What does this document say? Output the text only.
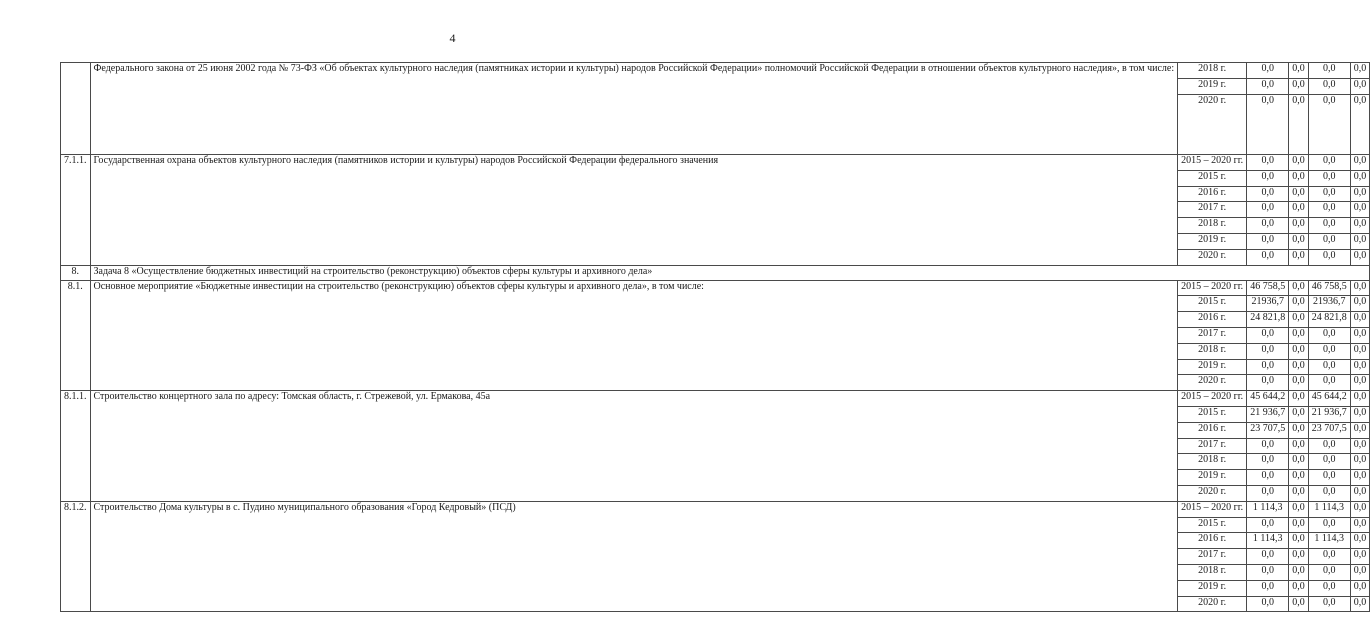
4
	Федерального закона от 25 июня 2002 года № 73-ФЗ «Об объектах культурного наследия (памятниках истории и культуры) народов Российской Федерации» полномочий Российской Федерации в отношении объектов культурного наследия», в том числе:	2018 г.	0,0	0,0	0,0	0,0
		2019 г.	0,0	0,0	0,0	0,0
		2020 г.	0,0	0,0	0,0	0,0
7.1.1.	Государственная охрана объектов культурного наследия (памятников истории и культуры) народов Российской Федерации федерального значения	2015 – 2020 гг.	0,0	0,0	0,0	0,0
		2015 г.	0,0	0,0	0,0	0,0
		2016 г.	0,0	0,0	0,0	0,0
		2017 г.	0,0	0,0	0,0	0,0
		2018 г.	0,0	0,0	0,0	0,0
		2019 г.	0,0	0,0	0,0	0,0
		2020 г.	0,0	0,0	0,0	0,0
8.	Задача 8 «Осуществление бюджетных инвестиций на строительство (реконструкцию) объектов сферы культуры и архивного дела»					
8.1.	Основное мероприятие «Бюджетные инвестиции на строительство (реконструкцию) объектов сферы культуры и архивного дела», в том числе:	2015 – 2020 гг.	46 758,5	0,0	46 758,5	0,0
		2015 г.	21936,7	0,0	21936,7	0,0
		2016 г.	24 821,8	0,0	24 821,8	0,0
		2017 г.	0,0	0,0	0,0	0,0
		2018 г.	0,0	0,0	0,0	0,0
		2019 г.	0,0	0,0	0,0	0,0
		2020 г.	0,0	0,0	0,0	0,0
8.1.1.	Строительство концертного зала по адресу: Томская область, г. Стрежевой, ул. Ермакова, 45а	2015 – 2020 гг.	45 644,2	0,0	45 644,2	0,0
		2015 г.	21 936,7	0,0	21 936,7	0,0
		2016 г.	23 707,5	0,0	23 707,5	0,0
		2017 г.	0,0	0,0	0,0	0,0
		2018 г.	0,0	0,0	0,0	0,0
		2019 г.	0,0	0,0	0,0	0,0
		2020 г.	0,0	0,0	0,0	0,0
8.1.2.	Строительство Дома культуры в с. Пудино муниципального образования «Город Кедровый» (ПСД)	2015 – 2020 гг.	1 114,3	0,0	1 114,3	0,0
		2015 г.	0,0	0,0	0,0	0,0
		2016 г.	1 114,3	0,0	1 114,3	0,0
		2017 г.	0,0	0,0	0,0	0,0
		2018 г.	0,0	0,0	0,0	0,0
		2019 г.	0,0	0,0	0,0	0,0
		2020 г.	0,0	0,0	0,0	0,0
